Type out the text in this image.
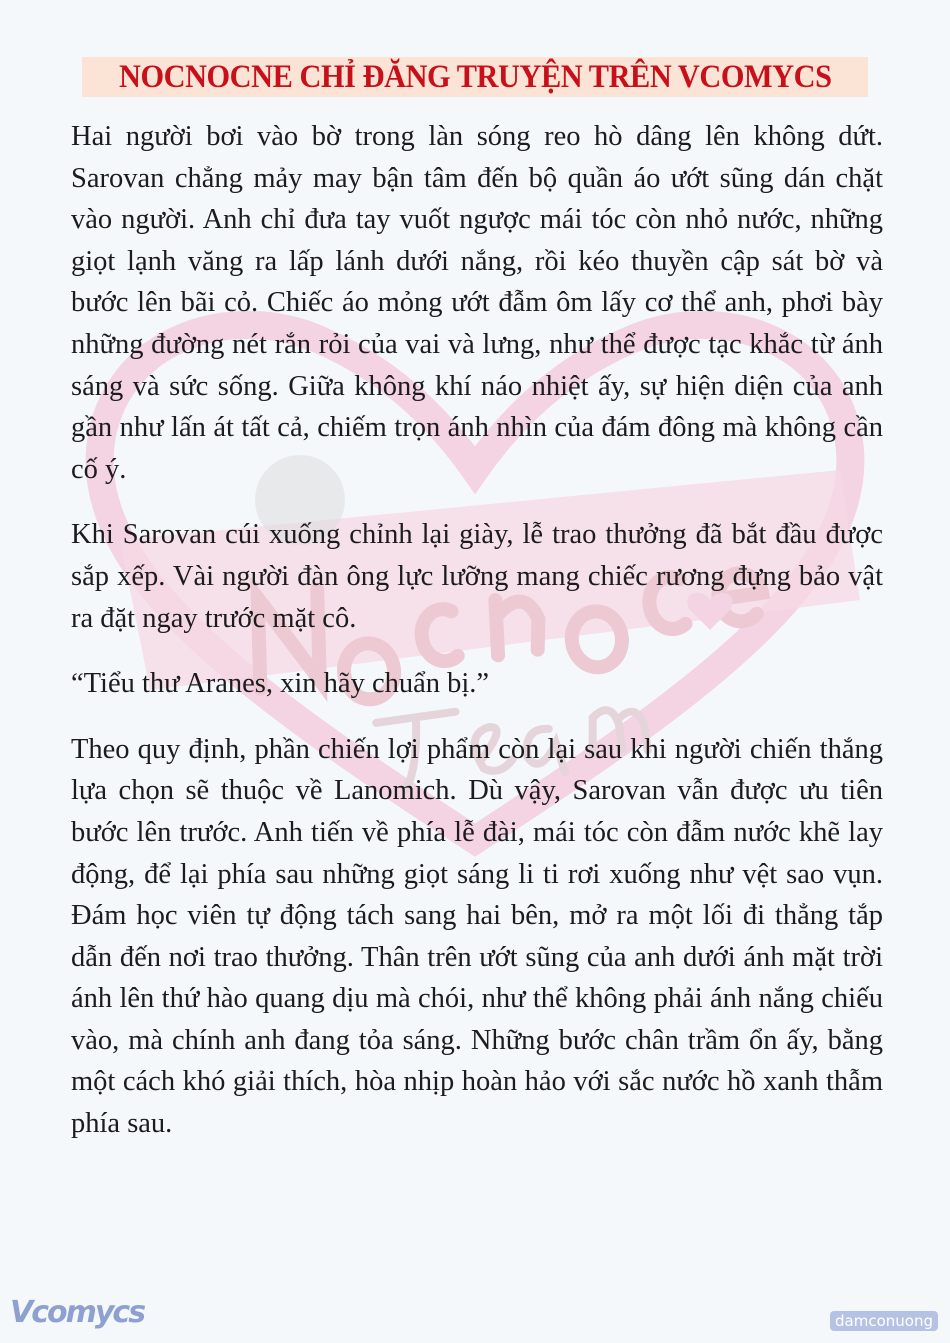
NOCNOCNE CHỈ ĐĂNG TRUYỆN TRÊN VCOMYCS

Hai người bơi vào bờ trong làn sóng reo hò dâng lên không dứt. Sarovan chẳng mảy may bận tâm đến bộ quần áo ướt sũng dán chặt vào người. Anh chỉ đưa tay vuốt ngược mái tóc còn nhỏ nước, những giọt lạnh văng ra lấp lánh dưới nắng, rồi kéo thuyền cập sát bờ và bước lên bãi cỏ. Chiếc áo mỏng ướt đẫm ôm lấy cơ thể anh, phơi bày những đường nét rắn rỏi của vai và lưng, như thể được tạc khắc từ ánh sáng và sức sống. Giữa không khí náo nhiệt ấy, sự hiện diện của anh gần như lấn át tất cả, chiếm trọn ánh nhìn của đám đông mà không cần cố ý.

Khi Sarovan cúi xuống chỉnh lại giày, lễ trao thưởng đã bắt đầu được sắp xếp. Vài người đàn ông lực lưỡng mang chiếc rương đựng bảo vật ra đặt ngay trước mặt cô.

“Tiểu thư Aranes, xin hãy chuẩn bị.”

Theo quy định, phần chiến lợi phẩm còn lại sau khi người chiến thắng lựa chọn sẽ thuộc về Lanomich. Dù vậy, Sarovan vẫn được ưu tiên bước lên trước. Anh tiến về phía lễ đài, mái tóc còn đẫm nước khẽ lay động, để lại phía sau những giọt sáng li ti rơi xuống như vệt sao vụn. Đám học viên tự động tách sang hai bên, mở ra một lối đi thẳng tắp dẫn đến nơi trao thưởng. Thân trên ướt sũng của anh dưới ánh mặt trời ánh lên thứ hào quang dịu mà chói, như thể không phải ánh nắng chiếu vào, mà chính anh đang tỏa sáng. Những bước chân trầm ổn ấy, bằng một cách khó giải thích, hòa nhịp hoàn hảo với sắc nước hồ xanh thẫm phía sau.

Vcomycs	damconuong
